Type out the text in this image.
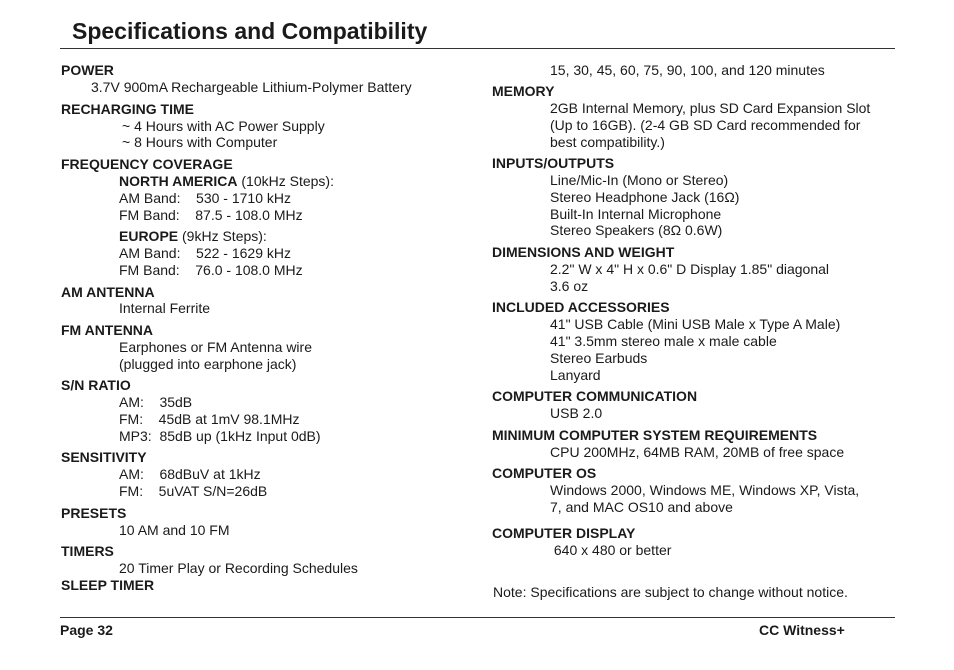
Specifications and Compatibility
POWER
3.7V 900mA Rechargeable Lithium-Polymer Battery
RECHARGING TIME
~ 4 Hours with AC Power Supply
~ 8 Hours with Computer
FREQUENCY COVERAGE
NORTH AMERICA (10kHz Steps):
AM Band:    530 - 1710 kHz
FM Band:    87.5 - 108.0 MHz
EUROPE (9kHz Steps):
AM Band:    522 - 1629 kHz
FM Band:    76.0 - 108.0 MHz
AM ANTENNA
Internal Ferrite
FM ANTENNA
Earphones or FM Antenna wire
(plugged into earphone jack)
S/N RATIO
AM:    35dB
FM:    45dB at 1mV 98.1MHz
MP3:  85dB up (1kHz Input 0dB)
SENSITIVITY
AM:    68dBuV at 1kHz
FM:    5uVAT S/N=26dB
PRESETS
10 AM and 10 FM
TIMERS
20 Timer Play or Recording Schedules
SLEEP TIMER
15, 30, 45, 60, 75, 90, 100, and 120 minutes
MEMORY
2GB Internal Memory, plus SD Card Expansion Slot
(Up to 16GB). (2-4 GB SD Card recommended for
best compatibility.)
INPUTS/OUTPUTS
Line/Mic-In (Mono or Stereo)
Stereo Headphone Jack (16Ω)
Built-In Internal Microphone
Stereo Speakers (8Ω 0.6W)
DIMENSIONS AND WEIGHT
2.2" W x 4" H x 0.6" D Display 1.85" diagonal
3.6 oz
INCLUDED ACCESSORIES
41" USB Cable (Mini USB Male x Type A Male)
41" 3.5mm stereo male x male cable
Stereo Earbuds
Lanyard
COMPUTER COMMUNICATION
USB 2.0
MINIMUM COMPUTER SYSTEM REQUIREMENTS
CPU 200MHz, 64MB RAM, 20MB of free space
COMPUTER OS
Windows 2000, Windows ME, Windows XP, Vista,
7, and MAC OS10 and above
COMPUTER DISPLAY
640 x 480 or better
Note: Specifications are subject to change without notice.
Page 32	CC Witness+
